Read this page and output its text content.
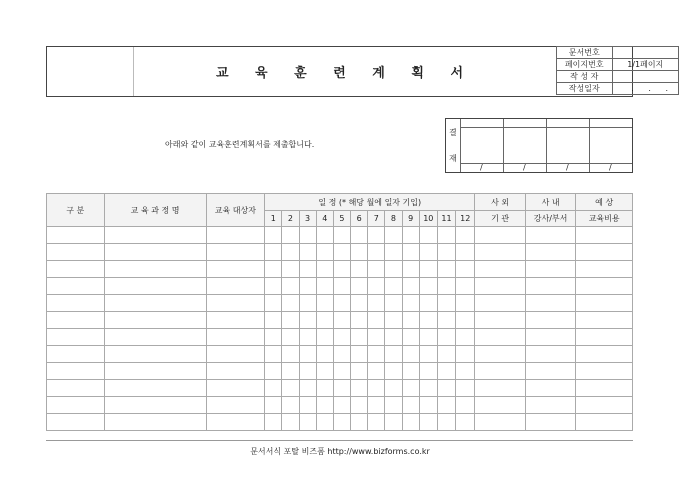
교 육 훈 련 계 획 서
문서번호	
페이지번호	1/1페이지
작 성 자	
작성일자	. . .
아래와 같이 교육훈련계획서를 제출합니다.
결
재
/	/	/	/
구 분	교 육 과 정 명	교육 대상자	일 정 (* 해당 월에 일자 기입)												사 외	사 내	예 상
			1	2	3	4	5	6	7	8	9	10	11	12	기 관	강사/부서	교육비용

문서서식 포탈 비즈폼 http://www.bizforms.co.kr
